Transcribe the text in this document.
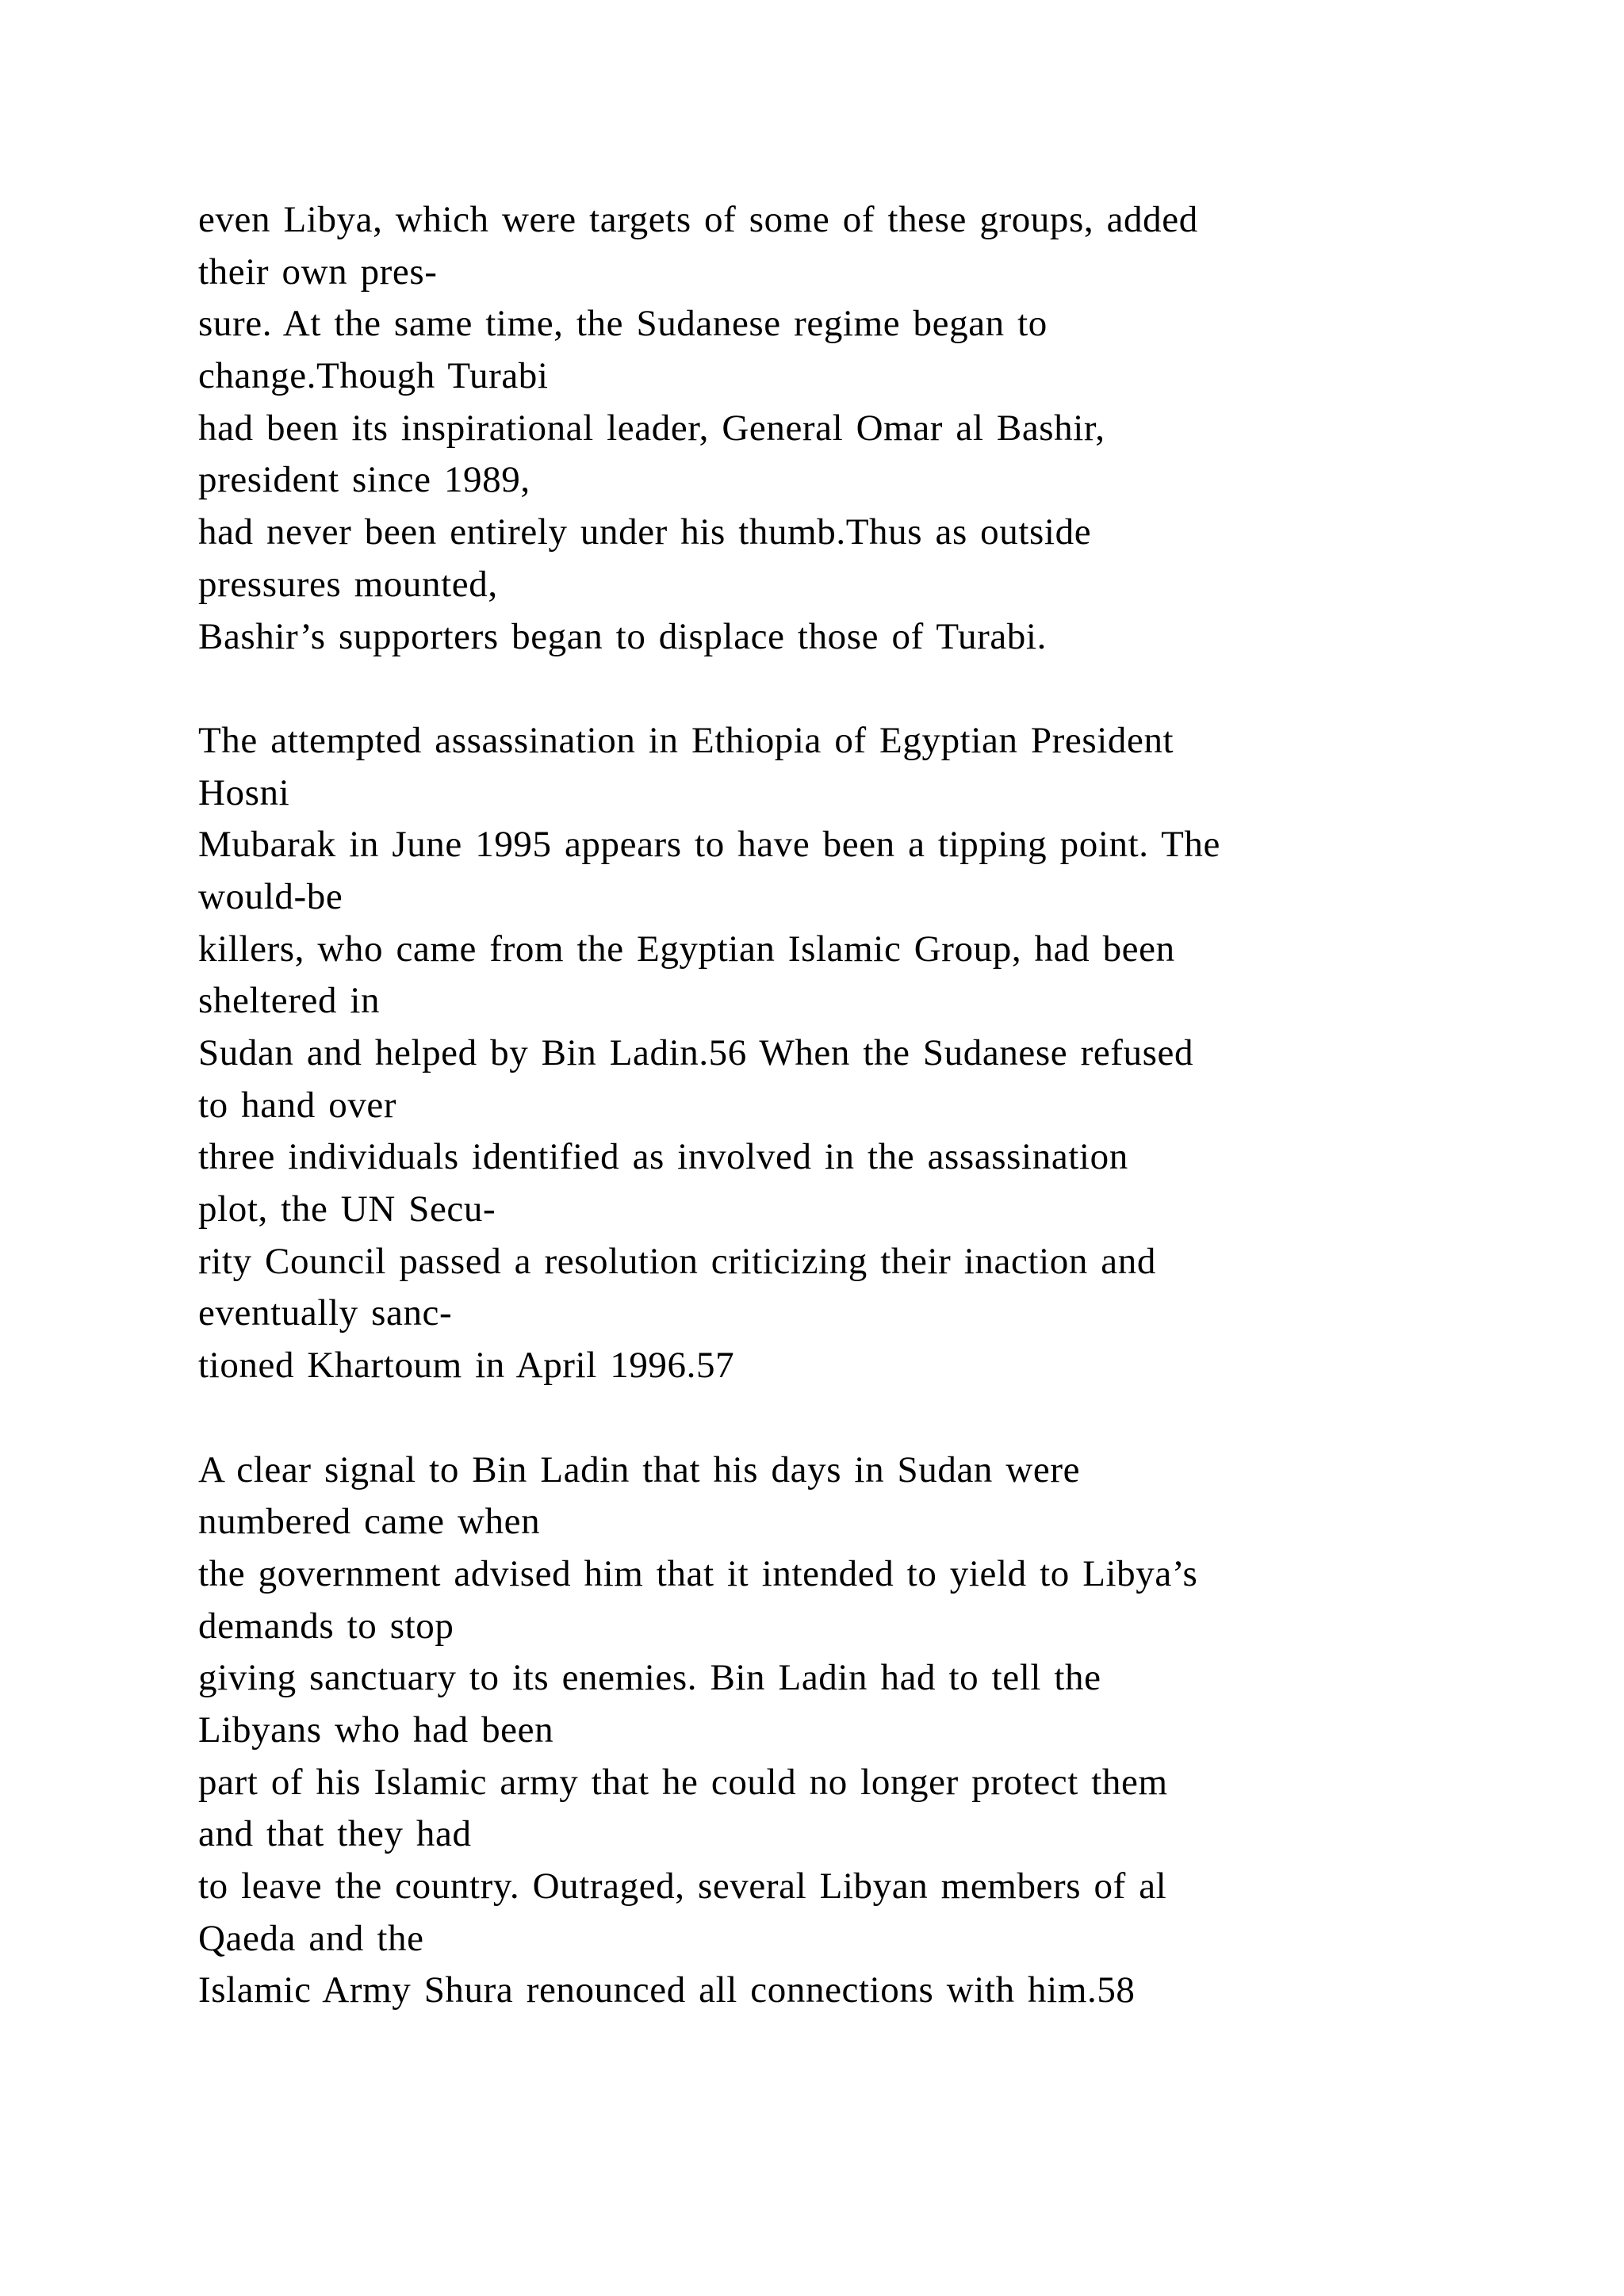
even Libya, which were targets of some of these groups, added
their own pres-
sure. At the same time, the Sudanese regime began to
change.Though Turabi
had been its inspirational leader, General Omar al Bashir,
president since 1989,
had never been entirely under his thumb.Thus as outside
pressures mounted,
Bashir’s supporters began to displace those of Turabi.
The attempted assassination in Ethiopia of Egyptian President
Hosni
Mubarak in June 1995 appears to have been a tipping point. The
would-be
killers, who came from the Egyptian Islamic Group, had been
sheltered in
Sudan and helped by Bin Ladin.56 When the Sudanese refused
to hand over
three individuals identified as involved in the assassination
plot, the UN Secu-
rity Council passed a resolution criticizing their inaction and
eventually sanc-
tioned Khartoum in April 1996.57
A clear signal to Bin Ladin that his days in Sudan were
numbered came when
the government advised him that it intended to yield to Libya’s
demands to stop
giving sanctuary to its enemies. Bin Ladin had to tell the
Libyans who had been
part of his Islamic army that he could no longer protect them
and that they had
to leave the country. Outraged, several Libyan members of al
Qaeda and the
Islamic Army Shura renounced all connections with him.58
